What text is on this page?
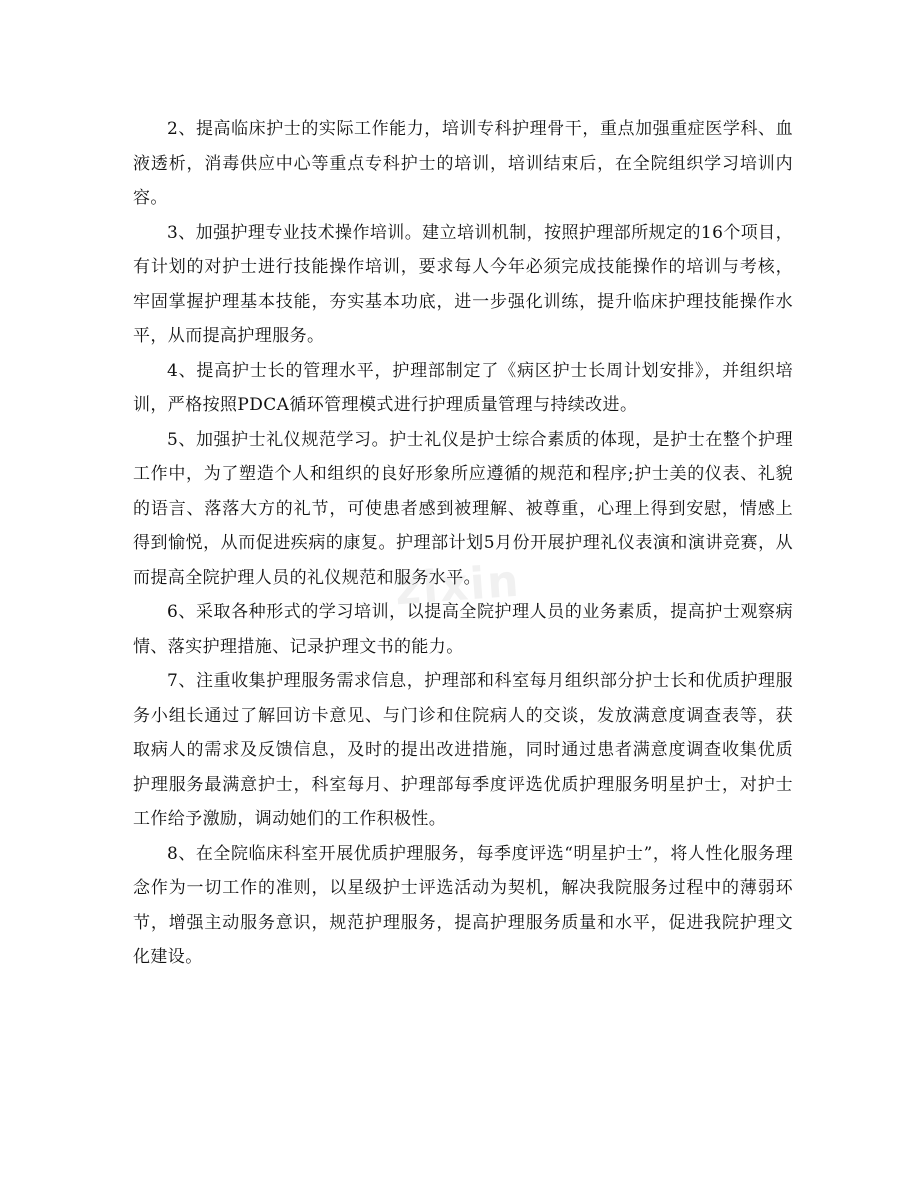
2、提高临床护士的实际工作能力，培训专科护理骨干，重点加强重症医学科、血液透析，消毒供应中心等重点专科护士的培训，培训结束后，在全院组织学习培训内容。

3、加强护理专业技术操作培训。建立培训机制，按照护理部所规定的16个项目，有计划的对护士进行技能操作培训，要求每人今年必须完成技能操作的培训与考核，牢固掌握护理基本技能，夯实基本功底，进一步强化训练，提升临床护理技能操作水平，从而提高护理服务。

4、提高护士长的管理水平，护理部制定了《病区护士长周计划安排》，并组织培训，严格按照PDCA循环管理模式进行护理质量管理与持续改进。

5、加强护士礼仪规范学习。护士礼仪是护士综合素质的体现，是护士在整个护理工作中，为了塑造个人和组织的良好形象所应遵循的规范和程序;护士美的仪表、礼貌的语言、落落大方的礼节，可使患者感到被理解、被尊重，心理上得到安慰，情感上得到愉悦，从而促进疾病的康复。护理部计划5月份开展护理礼仪表演和演讲竞赛，从而提高全院护理人员的礼仪规范和服务水平。

6、采取各种形式的学习培训，以提高全院护理人员的业务素质，提高护士观察病情、落实护理措施、记录护理文书的能力。

7、注重收集护理服务需求信息，护理部和科室每月组织部分护士长和优质护理服务小组长通过了解回访卡意见、与门诊和住院病人的交谈，发放满意度调查表等，获取病人的需求及反馈信息，及时的提出改进措施，同时通过患者满意度调查收集优质护理服务最满意护士，科室每月、护理部每季度评选优质护理服务明星护士，对护士工作给予激励，调动她们的工作积极性。

8、在全院临床科室开展优质护理服务，每季度评选“明星护士”，将人性化服务理念作为一切工作的准则，以星级护士评选活动为契机，解决我院服务过程中的薄弱环节，增强主动服务意识，规范护理服务，提高护理服务质量和水平，促进我院护理文化建设。

zixin
